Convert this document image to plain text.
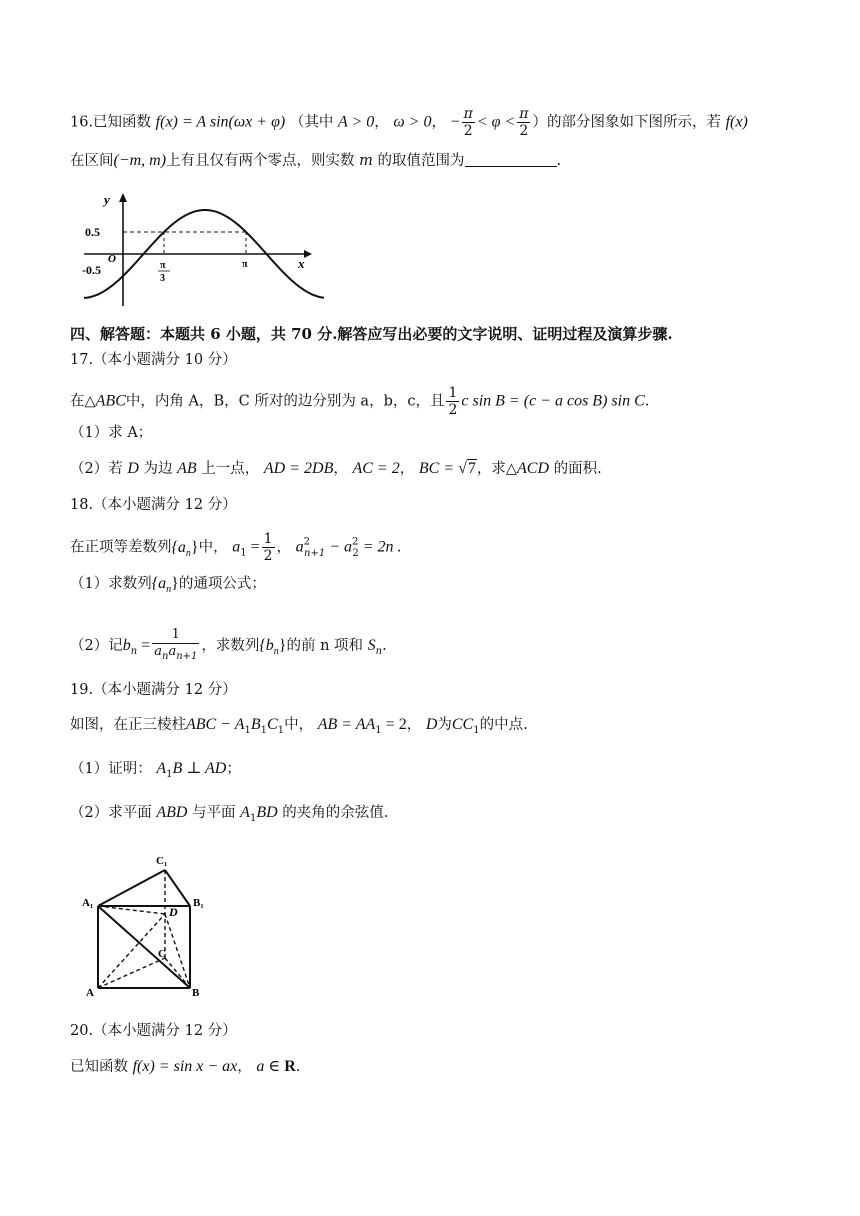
16.已知函数 f(x) = A sin(ωx + φ) （其中 A > 0， ω > 0， − $\frac{\pi}{2} < \varphi < \frac{\pi}{2}$ ）的部分图象如下图所示，若 f(x)
在区间(−m, m)上有且仅有两个零点，则实数 m 的取值范围为	.
y
x
0.5
O
-0.5	π
3
π
四、解答题：本题共 6 小题，共 70 分.解答应写出必要的文字说明、证明过程及演算步骤.
17.（本小题满分 10 分）
在△ABC中，内角 A，B，C 所对的边分别为 a，b，c，且 $\frac{1}{2}$ c sin B = (c − a cos B) sin C.
（1）求 A；
（2）若 D 为边 AB 上一点， AD = 2DB， AC = 2， BC = √7，求△ACD 的面积.
18.（本小题满分 12 分）
在正项等差数列$\{a_n\}$中， $a_1 = \frac{1}{2}$ ， $a^2_{n+1} - a^2_2 = 2n$ .
（1）求数列$\{a_n\}$的通项公式；
（2）记$b_n = \frac{1}{a_na_{n+1}}$ ，求数列$\{b_n\}$的前 n 项和 $S_n$.
19.（本小题满分 12 分）
如图，在正三棱柱ABC − $A_1B_1C_1$中， AB = $AA_1 = 2$， D为$CC_1$的中点.
（1）证明： $A_1B$ ⊥ AD；
（2）求平面 ABD 与平面 $A_1BD$ 的夹角的余弦值.
C₁
A₁	B₁
D
C
A	B
20.（本小题满分 12 分）
已知函数 f(x) = sin x − ax， a ∈ R.
